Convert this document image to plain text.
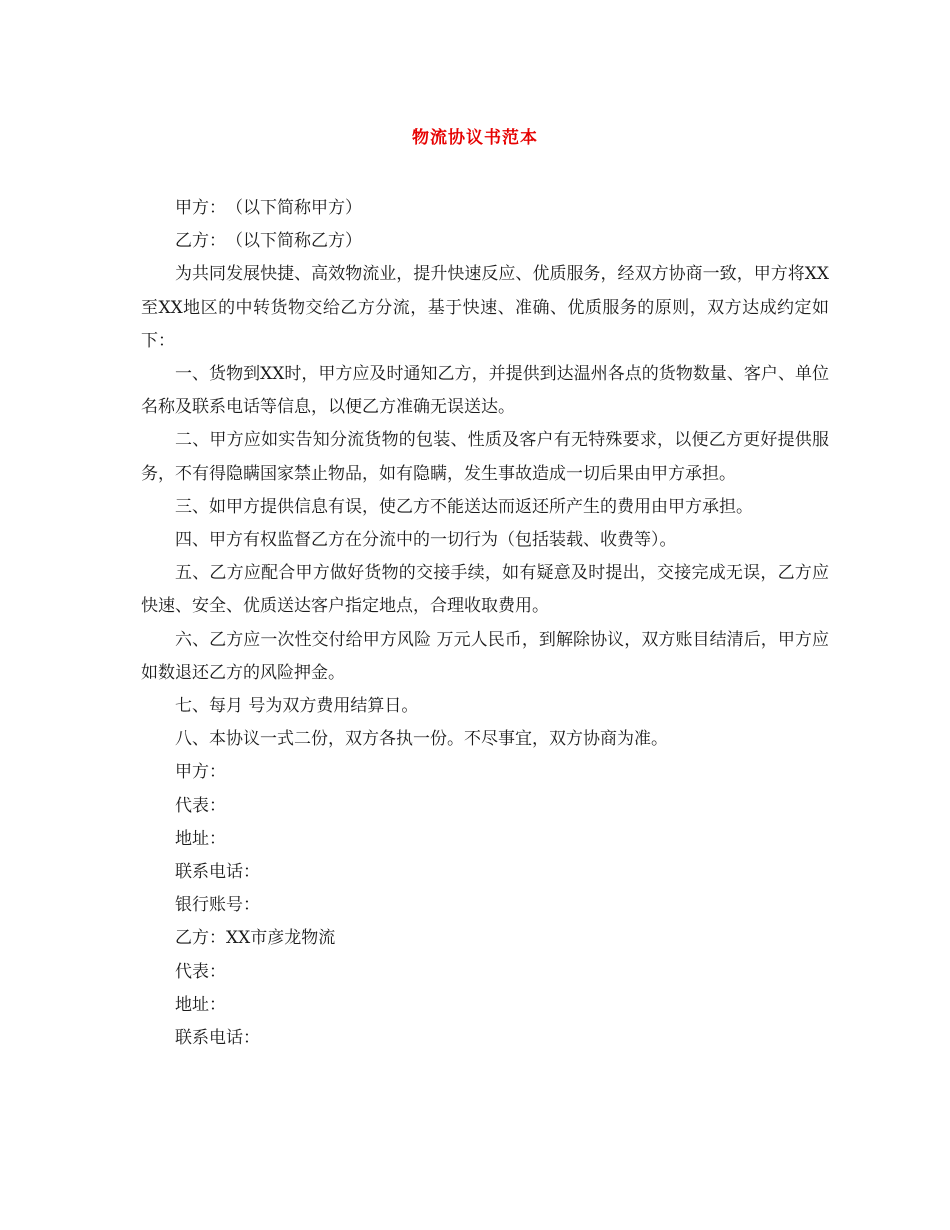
物流协议书范本

甲方：　（以下简称甲方）

乙方：　（以下简称乙方）

为共同发展快捷、高效物流业，提升快速反应、优质服务，经双方协商一致，甲方将XX至XX地区的中转货物交给乙方分流，基于快速、准确、优质服务的原则，双方达成约定如下：

一、货物到XX时，甲方应及时通知乙方，并提供到达温州各点的货物数量、客户、单位名称及联系电话等信息，以便乙方准确无误送达。

二、甲方应如实告知分流货物的包装、性质及客户有无特殊要求，以便乙方更好提供服务，不有得隐瞒国家禁止物品，如有隐瞒，发生事故造成一切后果由甲方承担。

三、如甲方提供信息有误，使乙方不能送达而返还所产生的费用由甲方承担。

四、甲方有权监督乙方在分流中的一切行为（包括装载、收费等）。

五、乙方应配合甲方做好货物的交接手续，如有疑意及时提出，交接完成无误，乙方应快速、安全、优质送达客户指定地点，合理收取费用。

六、乙方应一次性交付给甲方风险 万元人民币，到解除协议，双方账目结清后，甲方应如数退还乙方的风险押金。

七、每月 号为双方费用结算日。

八、本协议一式二份，双方各执一份。不尽事宜，双方协商为准。

甲方：

代表：

地址：

联系电话：

银行账号：

乙方：XX市彦龙物流

代表：

地址：

联系电话：
